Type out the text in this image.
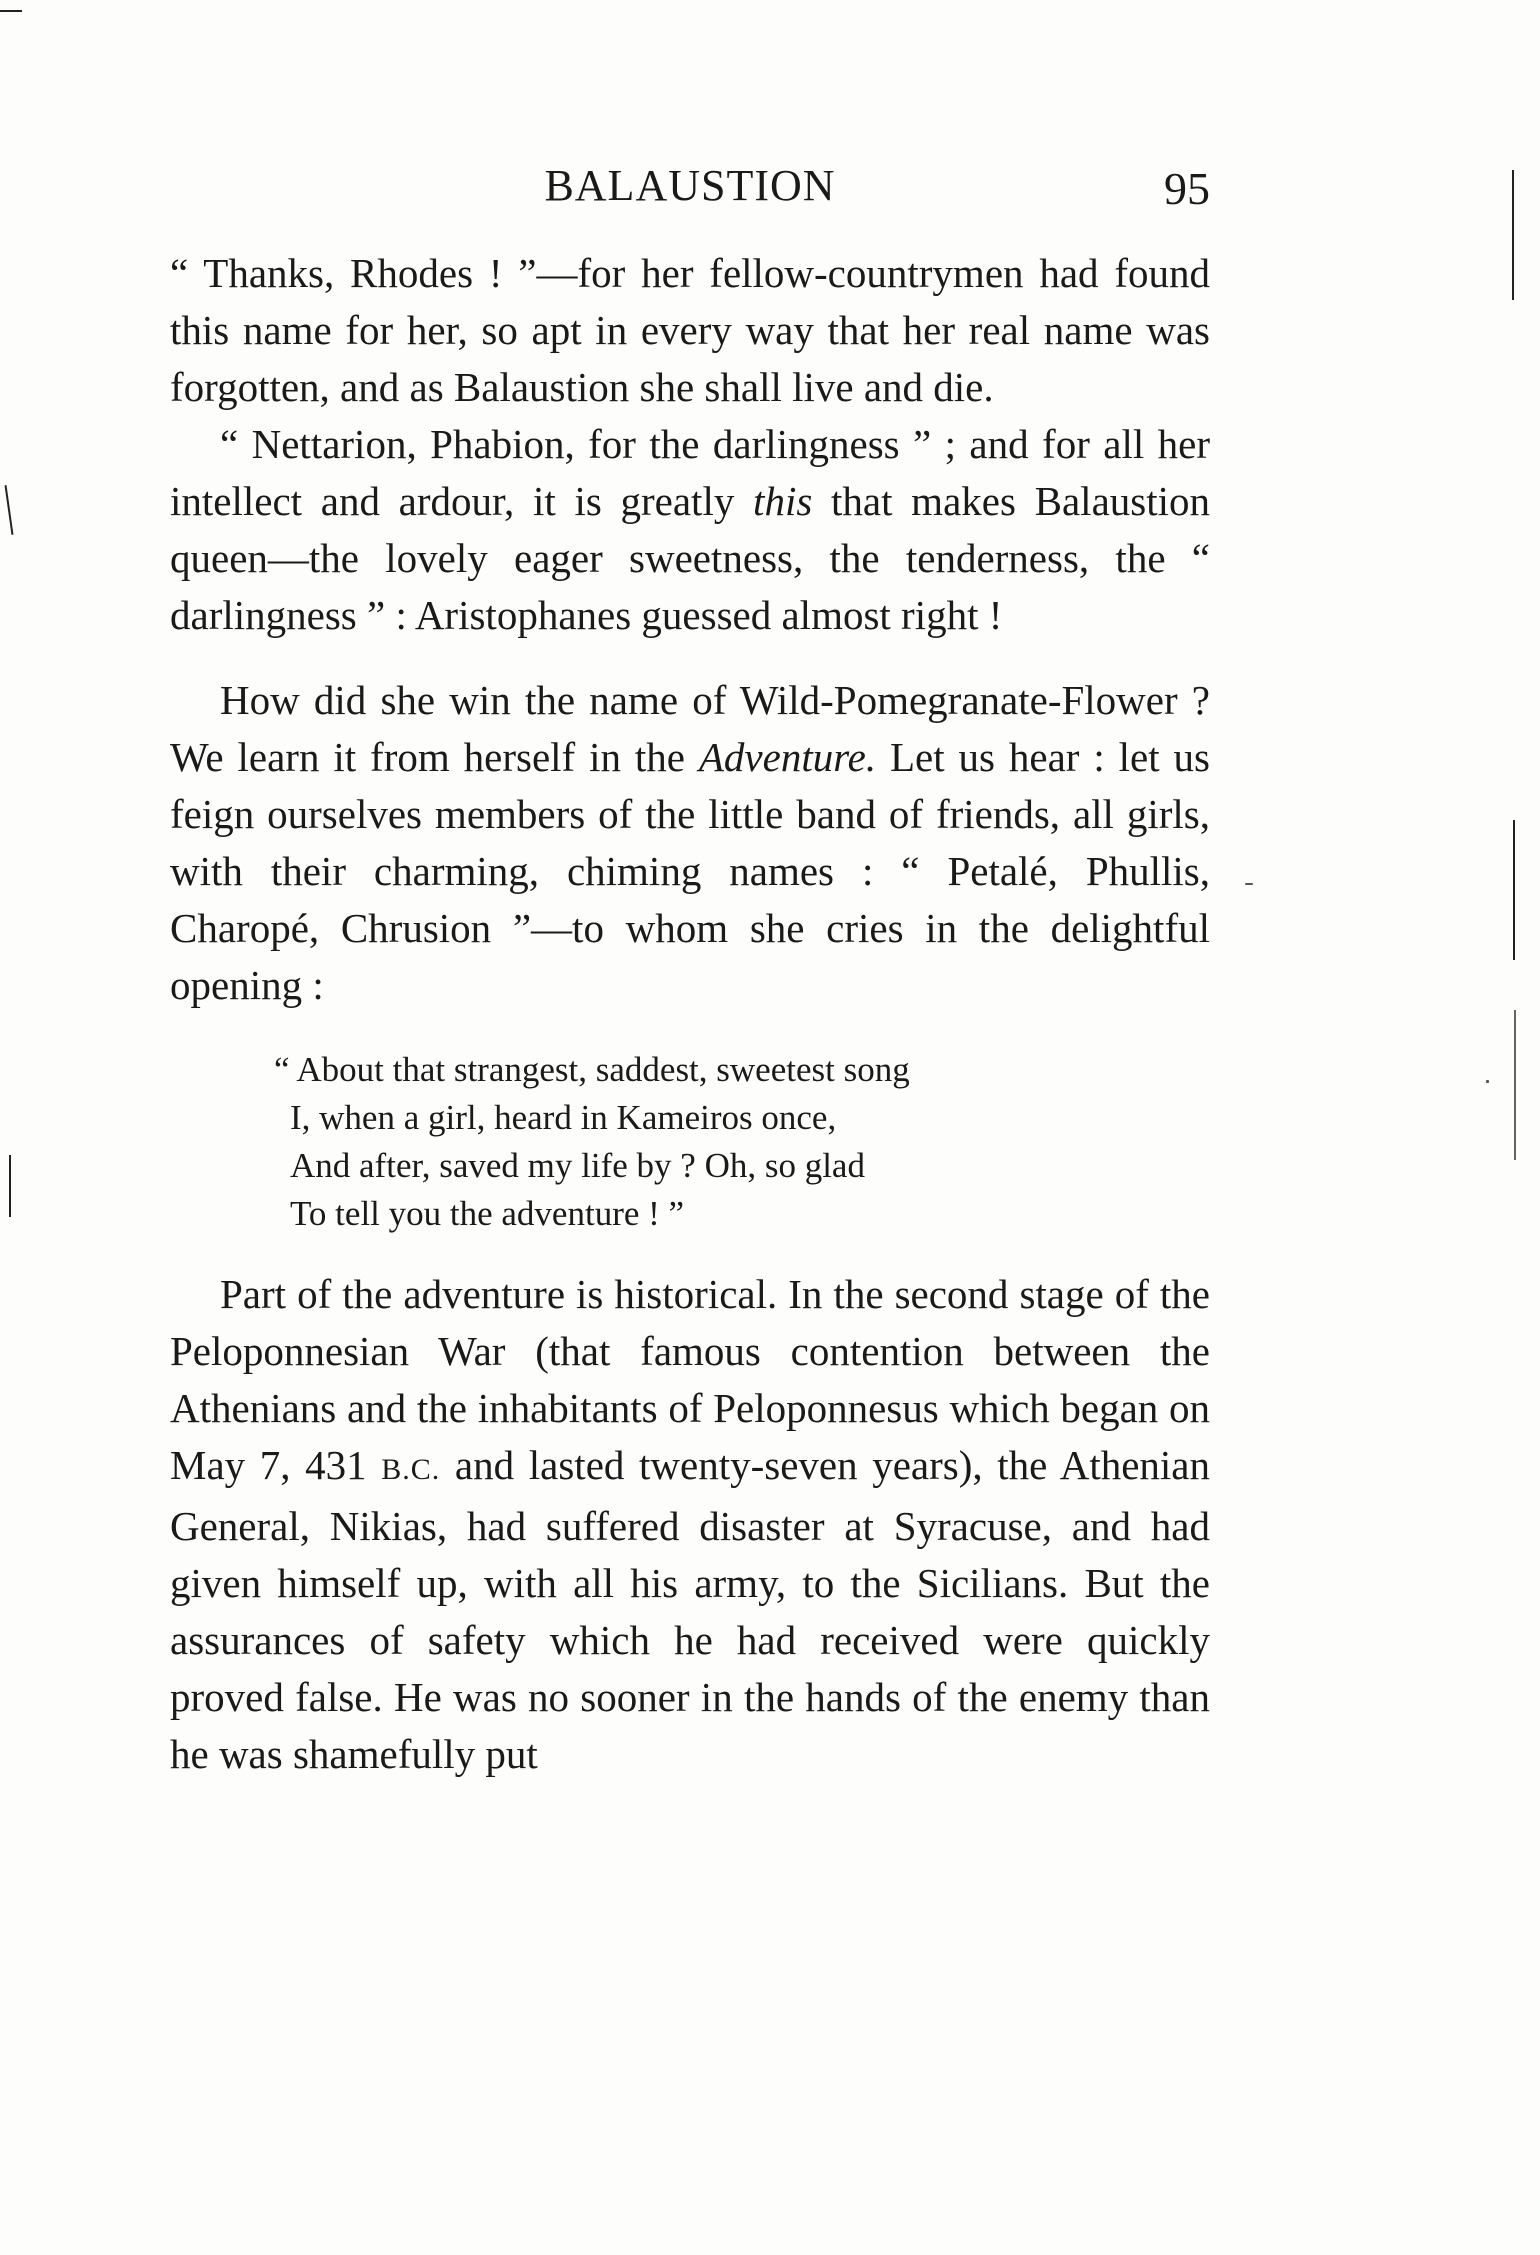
BALAUSTION	95

“ Thanks, Rhodes ! ”—for her fellow-countrymen had found this name for her, so apt in every way that her real name was forgotten, and as Balaustion she shall live and die.

“ Nettarion, Phabion, for the darlingness ” ; and for all her intellect and ardour, it is greatly this that makes Balaustion queen—the lovely eager sweetness, the tenderness, the “ darlingness ” : Aristophanes guessed almost right !

How did she win the name of Wild-Pomegranate-Flower ? We learn it from herself in the Adventure. Let us hear : let us feign ourselves members of the little band of friends, all girls, with their charming, chiming names : “ Petalé, Phullis, Charopé, Chrusion ”—to whom she cries in the delightful opening :

“ About that strangest, saddest, sweetest song
I, when a girl, heard in Kameiros once,
And after, saved my life by ? Oh, so glad
To tell you the adventure ! ”

Part of the adventure is historical. In the second stage of the Peloponnesian War (that famous contention between the Athenians and the inhabitants of Peloponnesus which began on May 7, 431 B.C. and lasted twenty-seven years), the Athenian General, Nikias, had suffered disaster at Syracuse, and had given himself up, with all his army, to the Sicilians. But the assurances of safety which he had received were quickly proved false. He was no sooner in the hands of the enemy than he was shamefully put
